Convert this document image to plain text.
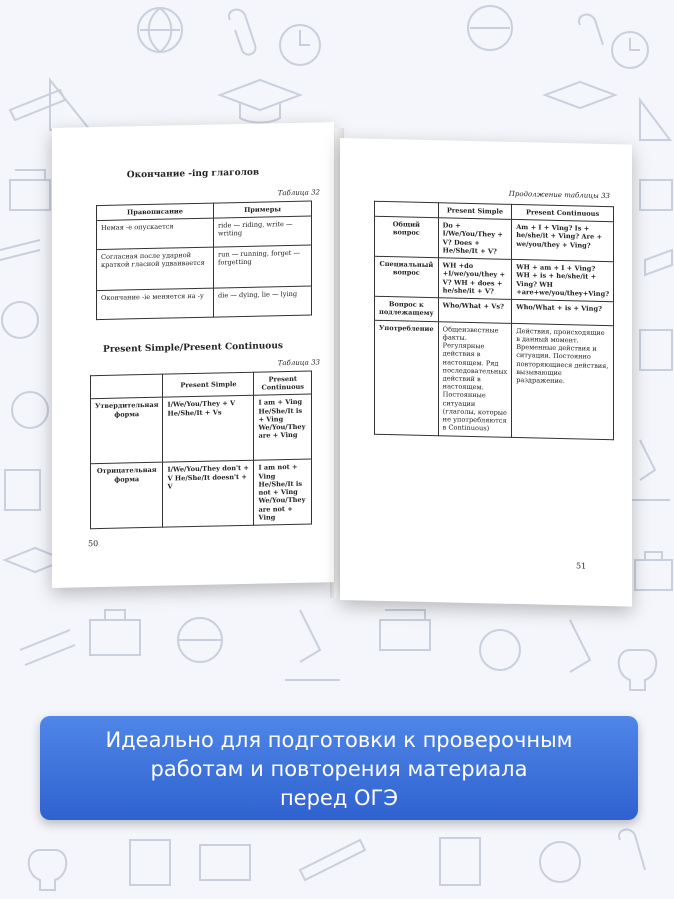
Окончание -ing глаголов
Таблица 32
Правописание	Примеры
Немая -e опускается	ride — riding, write — writing
Согласная после ударной краткой гласной удваивается	run — running, forget — forgetting
Окончание -ie меняется на -y	die — dying, lie — lying
Present Simple/Present Continuous
Таблица 33
	Present Simple	Present Continuous
Утвердительная форма	I/We/You/They + V He/She/It + Vs	I am + Ving He/She/It is + Ving We/You/They are + Ving
Отрицательная форма	I/We/You/They don't + V He/She/It doesn't + V	I am not + Ving He/She/It is not + Ving We/You/They are not + Ving
50
Продолжение таблицы 33
	Present Simple	Present Continuous
Общий вопрос	Do + I/We/You/They + V? Does + He/She/It + V?	Am + I + Ving? Is + he/she/it + Ving? Are + we/you/they + Ving?
Специальный вопрос	WH +do +I/we/you/they + V? WH + does + he/she/it + V?	WH + am + I + Ving? WH + is + he/she/it + Ving? WH +are+we/you/they+Ving?
Вопрос к подлежащему	Who/What + Vs?	Who/What + is + Ving?
Употребление	Общеизвестные факты. Регулярные действия в настоящем. Ряд последовательных действий в настоящем. Постоянные ситуации (глаголы, которые не употребляются в Continuous)	Действия, происходящие в данный момент. Временные действия и ситуации. Постоянно повторяющиеся действия, вызывающие раздражение.
51
Идеально для подготовки к проверочным
работам и повторения материала
перед ОГЭ
